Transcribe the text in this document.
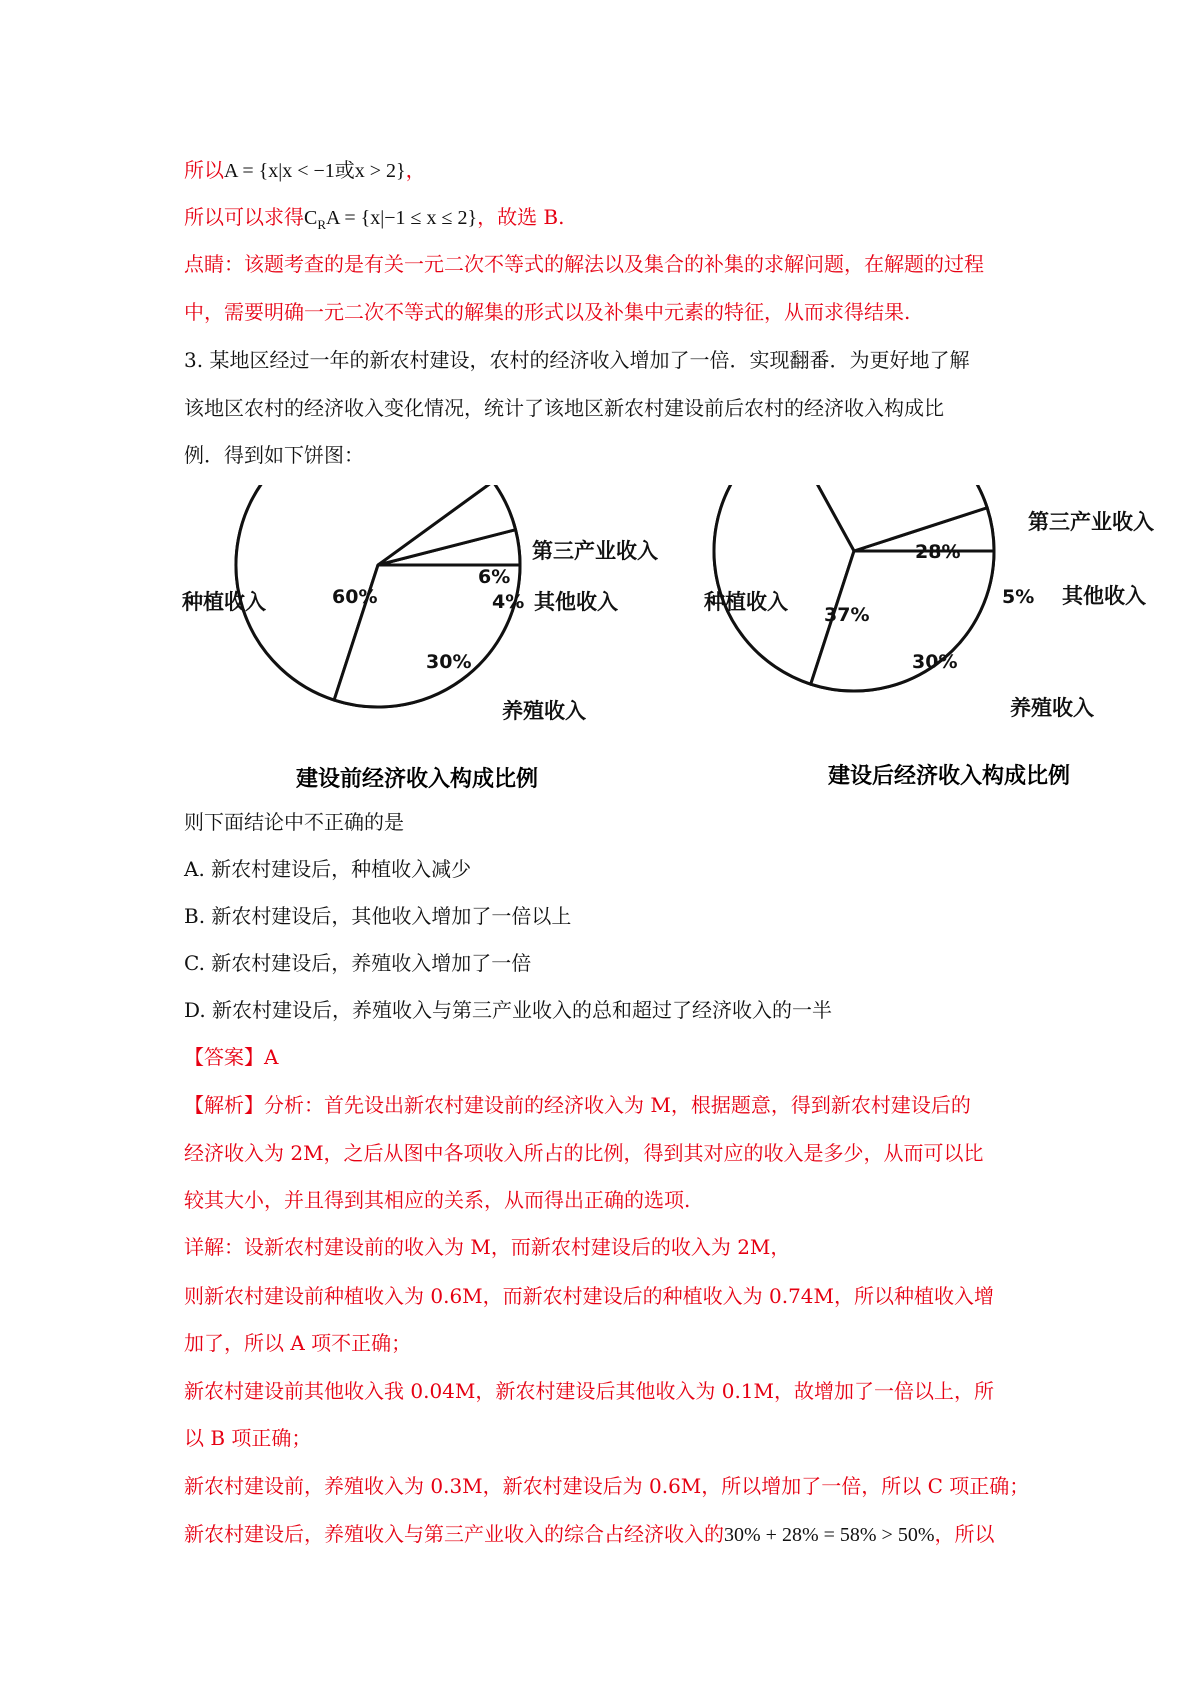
所以A = {x|x < −1或x > 2}，
所以可以求得$C_RA = \{x|-1 \le x \le 2\}$，故选 B.
点睛：该题考查的是有关一元二次不等式的解法以及集合的补集的求解问题，在解题的过程
中，需要明确一元二次不等式的解集的形式以及补集中元素的特征，从而求得结果.
3. 某地区经过一年的新农村建设，农村的经济收入增加了一倍．实现翻番．为更好地了解
该地区农村的经济收入变化情况，统计了该地区新农村建设前后农村的经济收入构成比
例．得到如下饼图：
种植收入
第三产业收入
其他收入
养殖收入
60%
6%
4%
30%
建设前经济收入构成比例
种植收入
第三产业收入
其他收入
养殖收入
37%
28%
5%
30%
建设后经济收入构成比例
则下面结论中不正确的是
A. 新农村建设后，种植收入减少
B. 新农村建设后，其他收入增加了一倍以上
C. 新农村建设后，养殖收入增加了一倍
D. 新农村建设后，养殖收入与第三产业收入的总和超过了经济收入的一半
【答案】A
【解析】分析：首先设出新农村建设前的经济收入为 M，根据题意，得到新农村建设后的
经济收入为 2M，之后从图中各项收入所占的比例，得到其对应的收入是多少，从而可以比
较其大小，并且得到其相应的关系，从而得出正确的选项.
详解：设新农村建设前的收入为 M，而新农村建设后的收入为 2M，
则新农村建设前种植收入为 0.6M，而新农村建设后的种植收入为 0.74M，所以种植收入增
加了，所以 A 项不正确；
新农村建设前其他收入我 0.04M，新农村建设后其他收入为 0.1M，故增加了一倍以上，所
以 B 项正确；
新农村建设前，养殖收入为 0.3M，新农村建设后为 0.6M，所以增加了一倍，所以 C 项正确；
新农村建设后，养殖收入与第三产业收入的综合占经济收入的30% + 28% = 58% > 50%，所以
